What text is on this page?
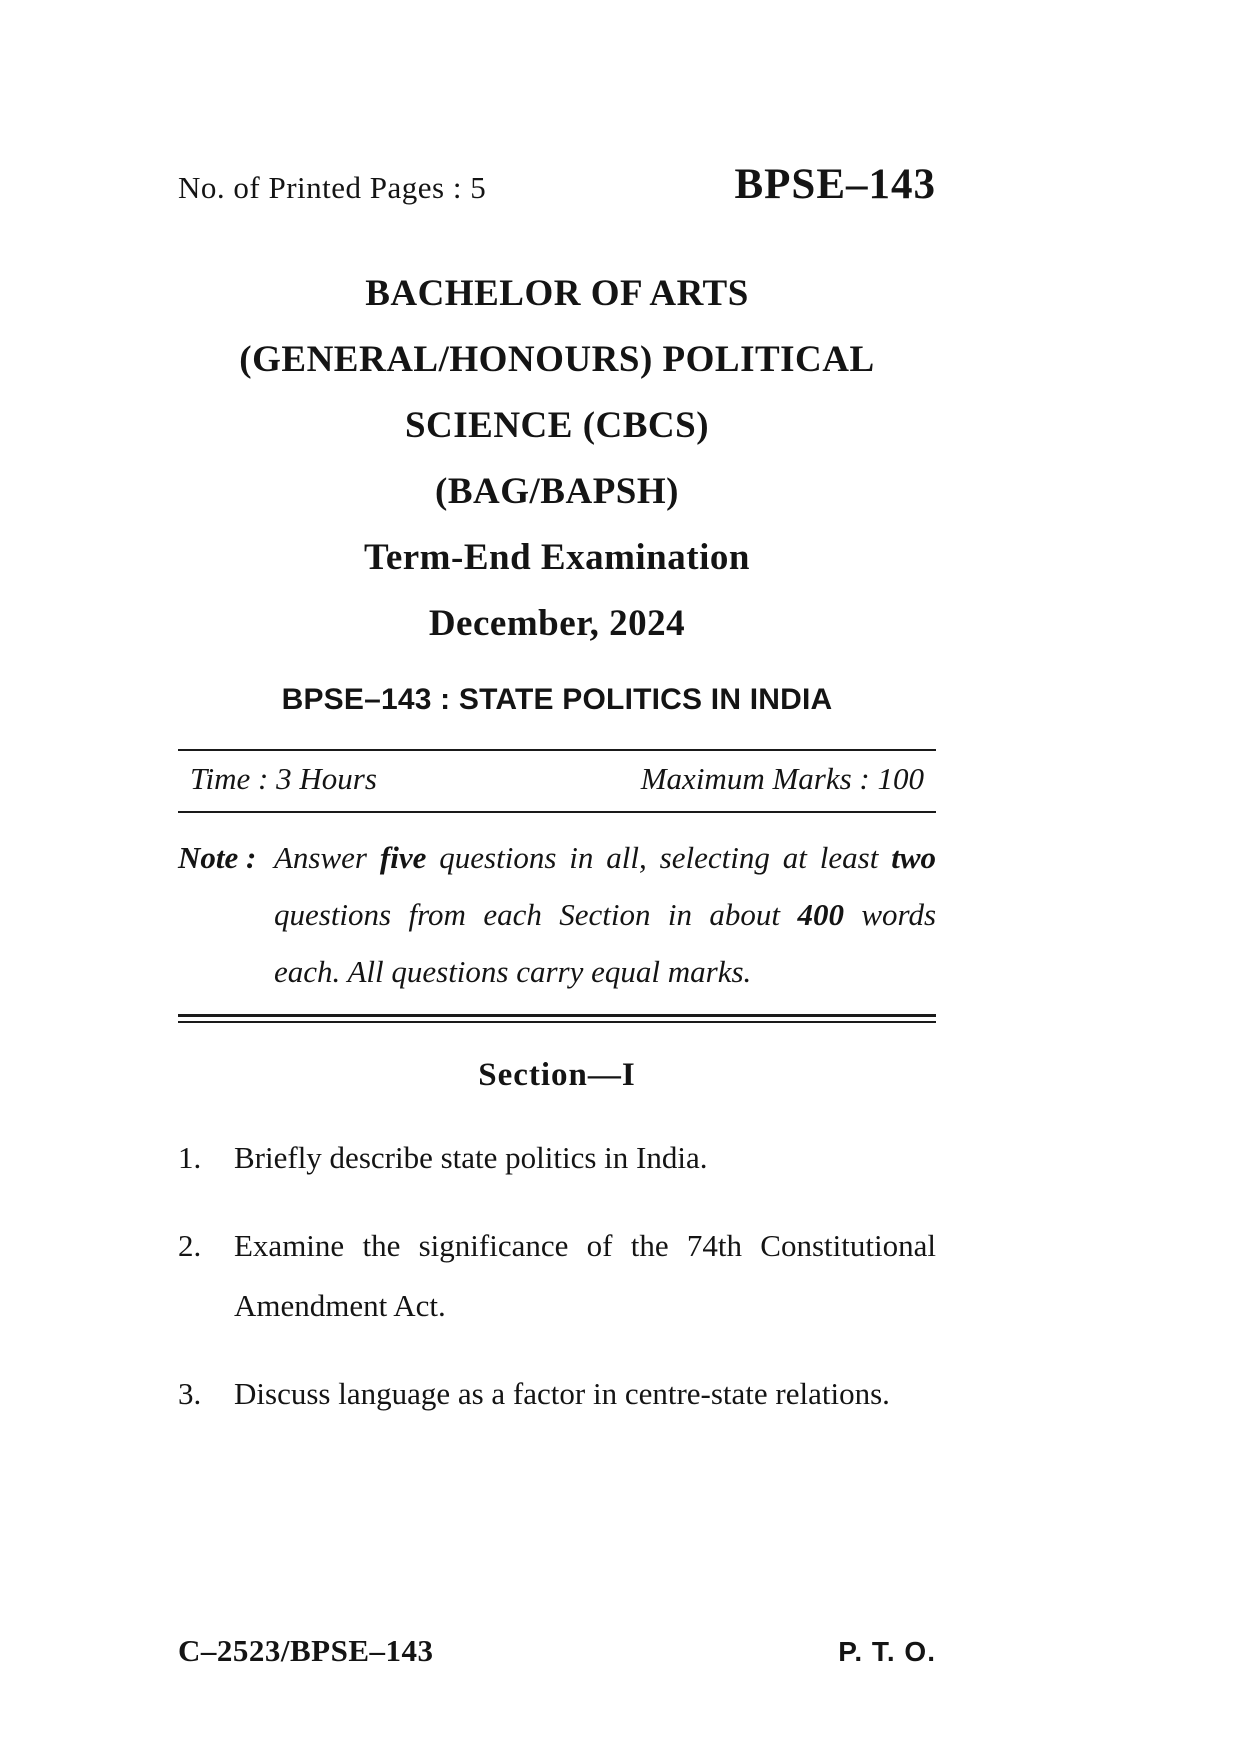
No. of Printed Pages : 5	BPSE–143
BACHELOR OF ARTS
(GENERAL/HONOURS) POLITICAL
SCIENCE (CBCS)
(BAG/BAPSH)
Term-End Examination
December, 2024
BPSE–143 : STATE POLITICS IN INDIA
Time : 3 Hours	Maximum Marks : 100
Note : Answer five questions in all, selecting at least two questions from each Section in about 400 words each. All questions carry equal marks.
Section—I
1. Briefly describe state politics in India.
2. Examine the significance of the 74th Constitutional Amendment Act.
3. Discuss language as a factor in centre-state relations.
C–2523/BPSE–143	P. T. O.
